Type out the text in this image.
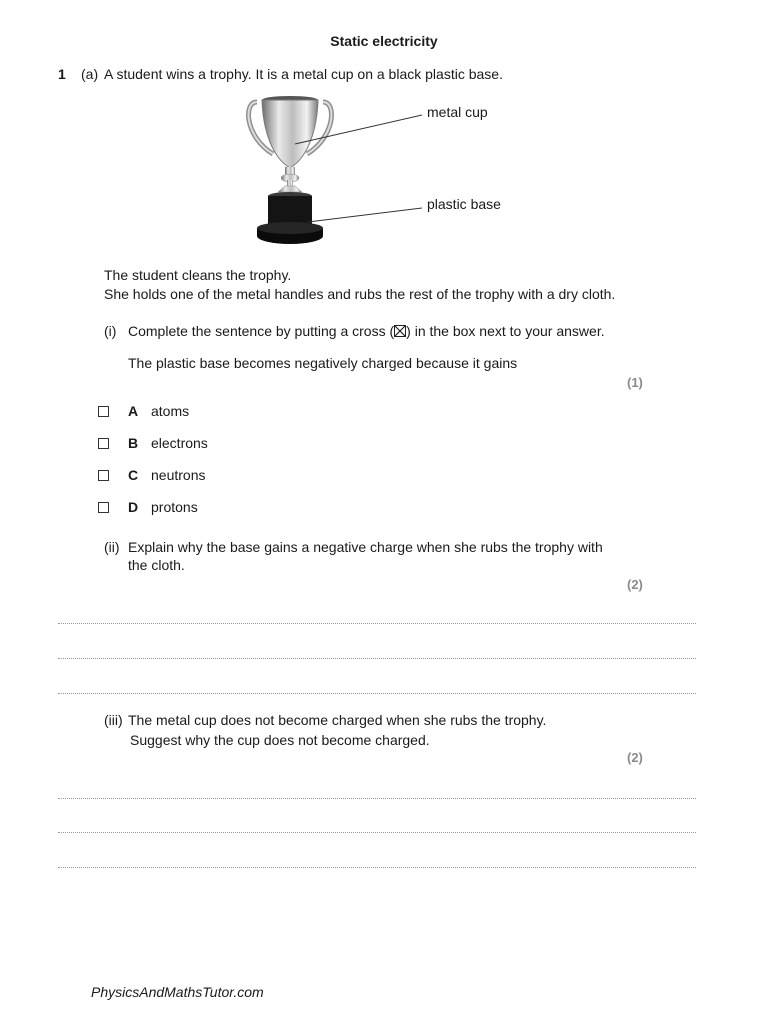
Static electricity
1 (a) A student wins a trophy. It is a metal cup on a black plastic base.
metal cup
plastic base
The student cleans the trophy.
She holds one of the metal handles and rubs the rest of the trophy with a dry cloth.
(i) Complete the sentence by putting a cross (☒) in the box next to your answer.
The plastic base becomes negatively charged because it gains
(1)
A atoms
B electrons
C neutrons
D protons
(ii) Explain why the base gains a negative charge when she rubs the trophy with
the cloth.
(2)
(iii) The metal cup does not become charged when she rubs the trophy.
Suggest why the cup does not become charged.
(2)
PhysicsAndMathsTutor.com
